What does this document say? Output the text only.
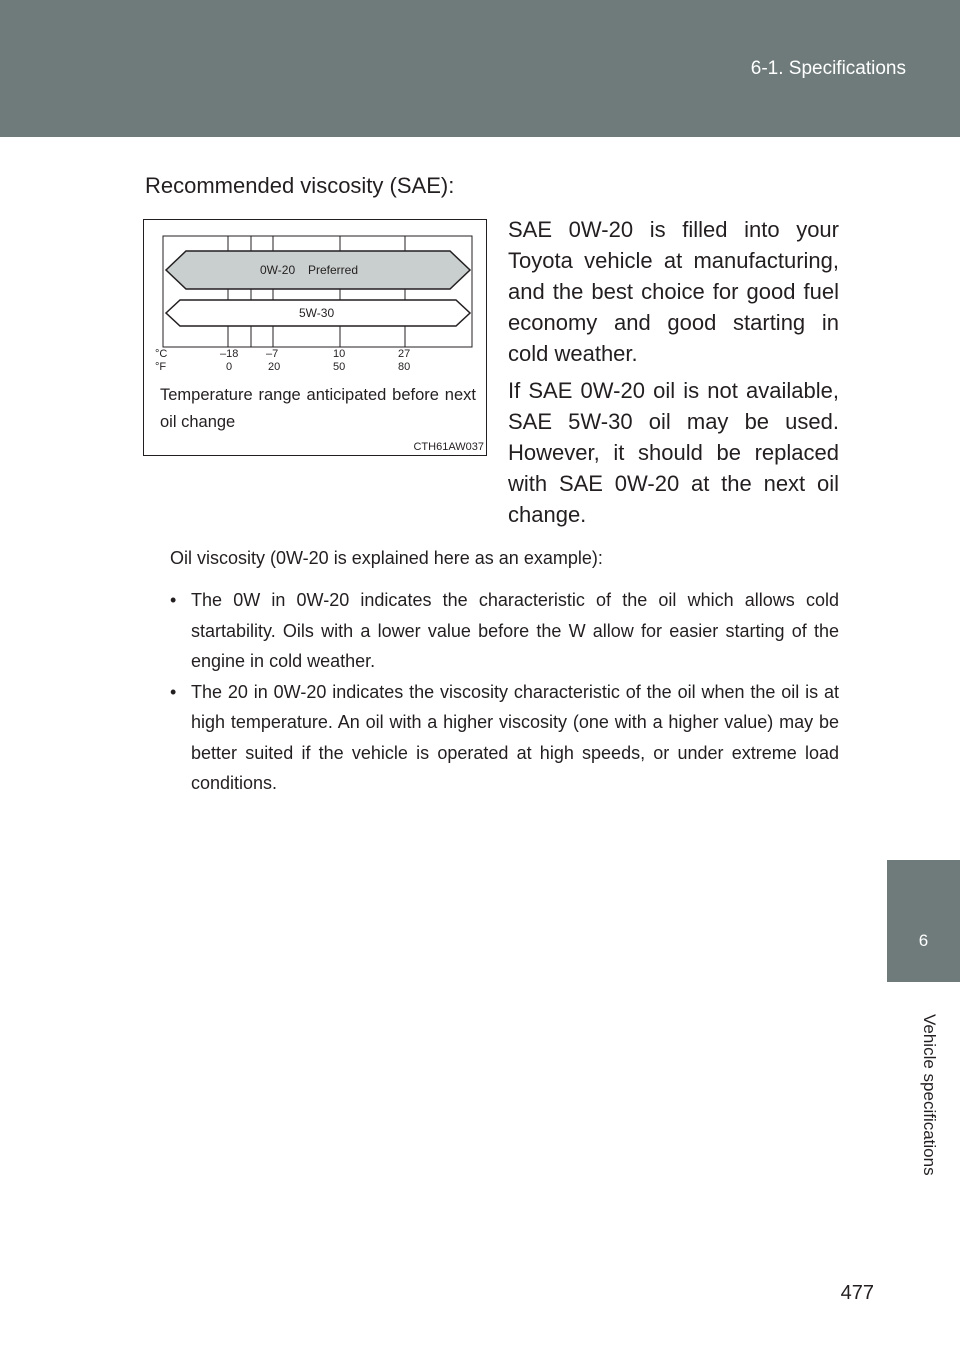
6-1. Specifications
6
Vehicle specifications
Recommended viscosity (SAE):
0W-20 Preferred
5W-30
°C
°F
–18	–7	10	27
0	20	50	80
Temperature range anticipated before next oil change
CTH61AW037

SAE 0W-20 is filled into your Toyota vehicle at manufacturing, and the best choice for good fuel economy and good starting in cold weather.

If SAE 0W-20 oil is not available, SAE 5W-30 oil may be used. However, it should be replaced with SAE 0W-20 at the next oil change.

Oil viscosity (0W-20 is explained here as an example):
• The 0W in 0W-20 indicates the characteristic of the oil which allows cold startability. Oils with a lower value before the W allow for easier starting of the engine in cold weather.
• The 20 in 0W-20 indicates the viscosity characteristic of the oil when the oil is at high temperature. An oil with a higher viscosity (one with a higher value) may be better suited if the vehicle is operated at high speeds, or under extreme load conditions.
477
